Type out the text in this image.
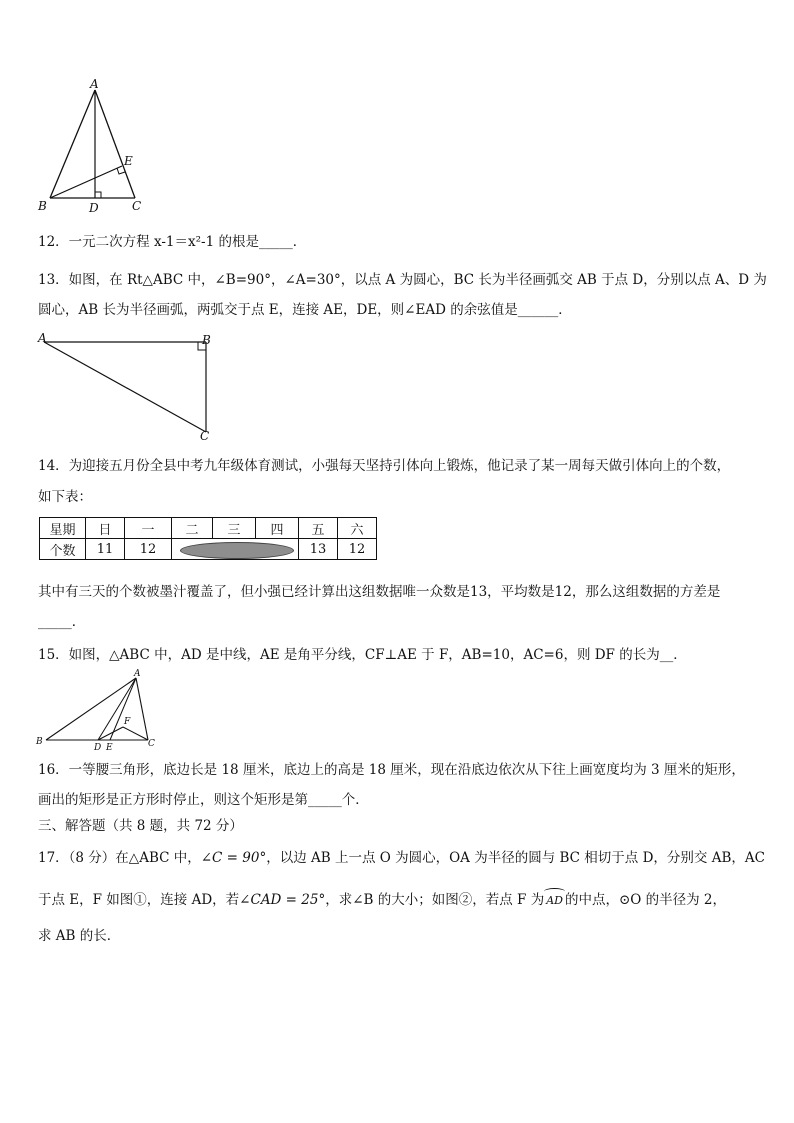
A
B	D	C
E
12．一元二次方程 x-1＝x²-1 的根是_____．
13．如图，在 Rt△ABC 中，∠B=90°，∠A=30°，以点 A 为圆心，BC 长为半径画弧交 AB 于点 D，分别以点 A、D 为
圆心，AB 长为半径画弧，两弧交于点 E，连接 AE，DE，则∠EAD 的余弦值是______．
A	B
C
14．为迎接五月份全县中考九年级体育测试，小强每天坚持引体向上锻炼，他记录了某一周每天做引体向上的个数，
如下表：
星期	日	一	二	三	四	五	六
个数	11	12				13	12
其中有三天的个数被墨汁覆盖了，但小强已经计算出这组数据唯一众数是13，平均数是12，那么这组数据的方差是
_____．
15．如图，△ABC 中，AD 是中线，AE 是角平分线，CF⊥AE 于 F，AB=10，AC=6，则 DF 的长为__．
A
B
D E
F
C
16．一等腰三角形，底边长是 18 厘米，底边上的高是 18 厘米，现在沿底边依次从下往上画宽度均为 3 厘米的矩形，
画出的矩形是正方形时停止，则这个矩形是第_____个．
三、解答题（共 8 题，共 72 分）
17．（8 分）在△ABC 中，∠C = 90°，以边 AB 上一点 O 为圆心，OA 为半径的圆与 BC 相切于点 D，分别交 AB，AC
于点 E，F 如图①，连接 AD，若∠CAD = 25°，求∠B 的大小；如图②，若点 F 为 AD 的中点，⊙O 的半径为 2，
求 AB 的长．
